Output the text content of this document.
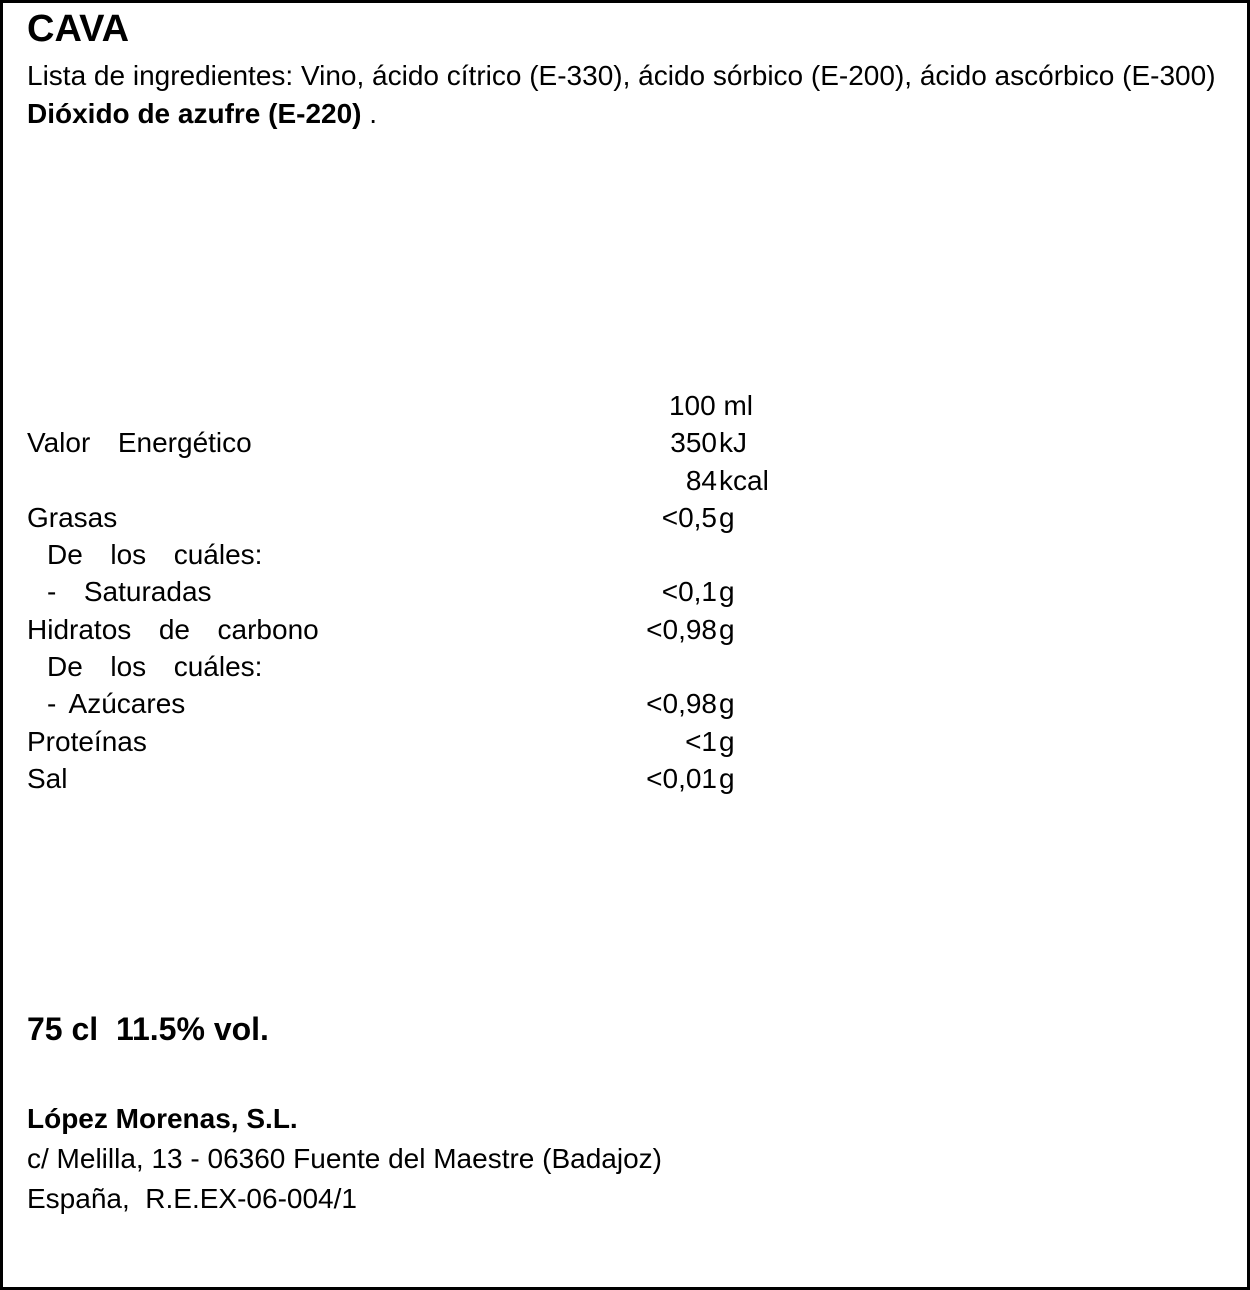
CAVA
Lista de ingredientes: Vino, ácido cítrico (E-330), ácido sórbico (E-200), ácido ascórbico (E-300) Dióxido de azufre (E-220) .
100 ml
Valor  Energético	350 kJ
84 kcal
Grasas	<0,5 g
De  los  cuáles:
-  Saturadas	<0,1 g
Hidratos  de  carbono	<0,98 g
De  los  cuáles:
- Azúcares	<0,98 g
Proteínas	<1 g
Sal	<0,01 g
75 cl  11.5% vol.
López Morenas, S.L.
c/ Melilla, 13 - 06360 Fuente del Maestre (Badajoz)
España,  R.E.EX-06-004/1
